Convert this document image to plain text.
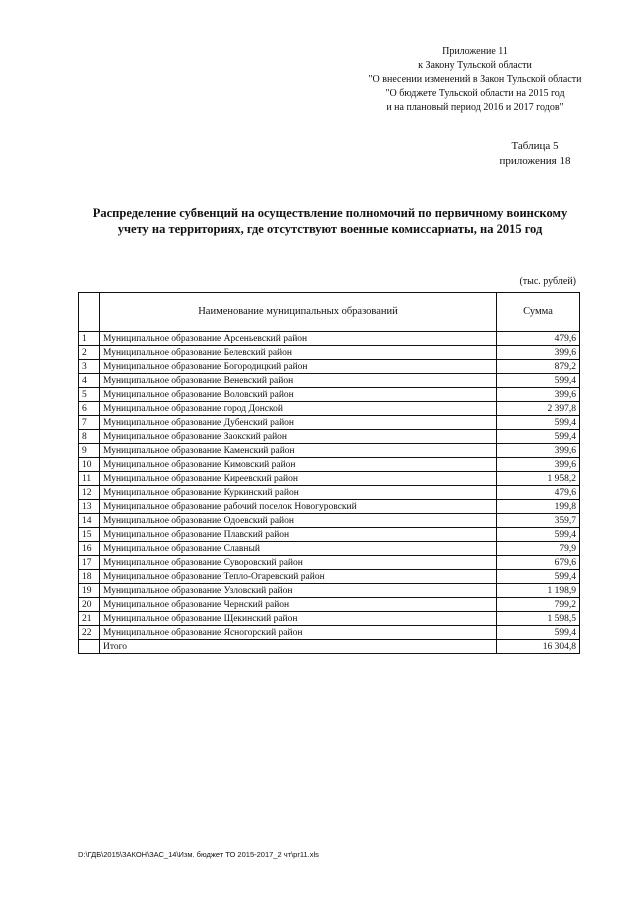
Приложение 11
к Закону Тульской области
"О внесении изменений в Закон Тульской области
"О бюджете Тульской области на 2015 год
и на плановый период 2016 и 2017 годов"
Таблица 5
приложения 18
Распределение субвенций на осуществление полномочий по первичному воинскому
учету на территориях, где отсутствуют военные комиссариаты, на 2015 год
(тыс. рублей)
	Наименование муниципальных образований	Сумма
1	Муниципальное образование Арсеньевский район	479,6
2	Муниципальное образование Белевский район	399,6
3	Муниципальное образование Богородицкий район	879,2
4	Муниципальное образование Веневский район	599,4
5	Муниципальное образование Воловский район	399,6
6	Муниципальное образование город Донской	2 397,8
7	Муниципальное образование Дубенский район	599,4
8	Муниципальное образование Заокский район	599,4
9	Муниципальное образование Каменский район	399,6
10	Муниципальное образование Кимовский район	399,6
11	Муниципальное образование Киреевский район	1 958,2
12	Муниципальное образование Куркинский район	479,6
13	Муниципальное образование рабочий поселок Новогуровский	199,8
14	Муниципальное образование Одоевский район	359,7
15	Муниципальное образование Плавский район	599,4
16	Муниципальное образование Славный	79,9
17	Муниципальное образование Суворовский район	679,6
18	Муниципальное образование Тепло-Огаревский район	599,4
19	Муниципальное образование Узловский район	1 198,9
20	Муниципальное образование Чернский район	799,2
21	Муниципальное образование Щекинский район	1 598,5
22	Муниципальное образование Ясногорский район	599,4
	Итого	16 304,8
D:\ГДБ\2015\ЗАКОН\ЗАС_14\Изм. бюджет ТО 2015-2017_2 чт\pr11.xls
